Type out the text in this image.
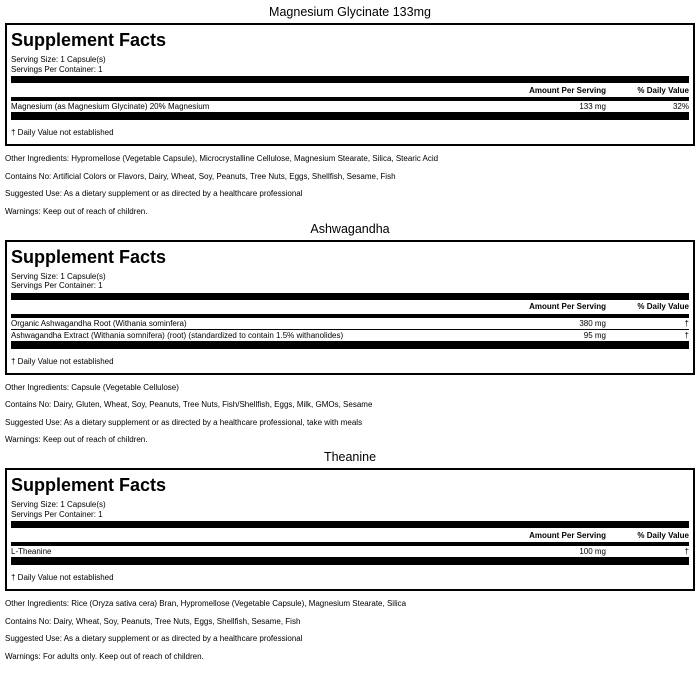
Magnesium Glycinate 133mg
Supplement Facts
Serving Size: 1 Capsule(s)
Servings Per Container: 1
Amount Per Serving	% Daily Value
Magnesium (as Magnesium Glycinate) 20% Magnesium	133 mg	32%
† Daily Value not established
Other Ingredients: Hypromellose (Vegetable Capsule), Microcrystalline Cellulose, Magnesium Stearate, Silica, Stearic Acid
Contains No: Artificial Colors or Flavors, Dairy, Wheat, Soy, Peanuts, Tree Nuts, Eggs, Shellfish, Sesame, Fish
Suggested Use: As a dietary supplement or as directed by a healthcare professional
Warnings: Keep out of reach of children.
Ashwagandha
Supplement Facts
Serving Size: 1 Capsule(s)
Servings Per Container: 1
Amount Per Serving	% Daily Value
Organic Ashwagandha Root (Withania sominfera)	380 mg	†
Ashwagandha Extract (Withania somnifera) (root) (standardized to contain 1.5% withanolides)	95 mg	†
† Daily Value not established
Other Ingredients: Capsule (Vegetable Cellulose)
Contains No: Dairy, Gluten, Wheat, Soy, Peanuts, Tree Nuts, Fish/Shellfish, Eggs, Milk, GMOs, Sesame
Suggested Use: As a dietary supplement or as directed by a healthcare professional, take with meals
Warnings: Keep out of reach of children.
Theanine
Supplement Facts
Serving Size: 1 Capsule(s)
Servings Per Container: 1
Amount Per Serving	% Daily Value
L-Theanine	100 mg	†
† Daily Value not established
Other Ingredients: Rice (Oryza sativa cera) Bran, Hypromellose (Vegetable Capsule), Magnesium Stearate, Silica
Contains No: Dairy, Wheat, Soy, Peanuts, Tree Nuts, Eggs, Shellfish, Sesame, Fish
Suggested Use: As a dietary supplement or as directed by a healthcare professional
Warnings: For adults only. Keep out of reach of children.
